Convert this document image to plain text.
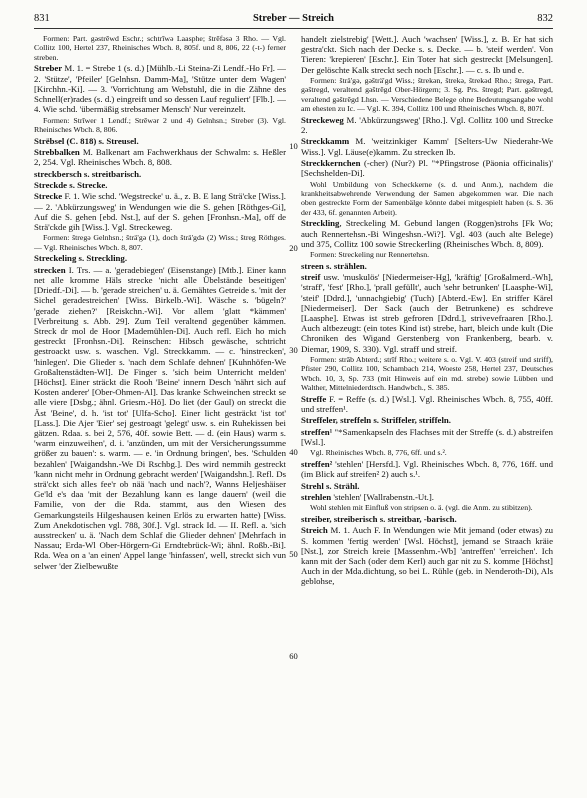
831	Streber — Streich	832

Formen: Part. gəstrēwd Eschr.; schtrīwə Laasphe; štrēfəsə 3 Rho. — Vgl. Collitz 100, Hertel 237, Rheinisches Wbch. 8, 805f. und 8, 806, 22 (-t-) ferner streben.

Streber M. 1. = Strebe 1 (s. d.) [Mühlb.-Li Steina-Zi Lendf.-Ho Fr]. — 2. 'Stütze', 'Pfeiler' [Gelnhsn. Damm-Ma], 'Stütze unter dem Wagen' [Kirchhn.-Ki]. — 3. 'Vorrichtung am Webstuhl, die in die Zähne des Schnell(er)rades (s. d.) eingreift und so dessen Lauf reguliert' [Flb.]. — 4. Wie schd. 'übermäßig strebsamer Mensch' Nur vereinzelt.

Formen: Strīwer 1 Lendf.; Strēwər 2 und 4) Gelnhsn.; Streber (3). Vgl. Rheinisches Wbch. 8, 806.

Strëbsel (C. 818) s. Streusel.

Strebbalken M. Balkenart am Fachwerkhaus der Schwalm: s. Heßler 2, 254. Vgl. Rheinisches Wbch. 8, 808.

streckbersch s. streitbarisch.

Streckde s. Strecke.

Strecke F. 1. Wie schd. 'Wegstrecke' u. ä., z. B. E lang Strä'cke [Wiss.]. — 2. 'Abkürzungsweg' in Wendungen wie die S. gehen [Röthges-Gi], Auf die S. gehen [ebd. Nst.], auf der S. gehen [Fronhsn.-Ma], off de Strä'ckde gih [Wiss.]. Vgl. Streckeweg.

Formen: štregə Gelnhsn.; šträ'gə (1), doch šträ'gdə (2) Wiss.; štreg Röthges. — Vgl. Rheinisches Wbch. 8, 807.

Streckeling s. Streckling.

strecken I. Trs. — a. 'geradebiegen' (Eisenstange) [Mtb.]. Einer kann net alle kromme Häls strecke 'nicht alle Übelstände beseitigen' [Driedf.-Di]. — b. 'gerade streichen' u. ä. Gemähtes Getreide s. 'mit der Sichel geradestreichen' [Wiss. Birkelb.-Wi]. Wäsche s. 'bügeln?' 'gerade ziehen?' [Reiskchn.-Wi]. Vor allem 'glatt *kämmen' [Verbreitung s. Abb. 29]. Zum Teil veraltend gegenüber kämmen. Streck dr mol de Hoor [Mademühlen-Di]. Auch refl. Eich ho mich gestreckt [Fronhsn.-Di]. Reinschen: Hibsch gewäsche, schtricht gestroackt usw. s. waschen. Vgl. Streckkamm. — c. 'hinstrecken', 'hinlegen'. Die Glieder s. 'nach dem Schlafe dehnen' [Kuhnhöfen-We Großaltenstädten-Wl]. De Finger s. 'sich beim Unterricht melden' [Höchst]. Einer sträckt die Rooh 'Beine' innern Desch 'nährt sich auf Kosten anderer' [Ober-Ohmen-Al]. Das kranke Schweinchen streckt se alle viere [Dsbg.; ähnl. Griesm.-Hö]. Do liet (der Gaul) on streckt die Äst 'Beine', d. h. 'ist tot' [Ulfa-Scho]. Einer licht gesträckt 'ist tot' [Lass.]. Die Ajer 'Eier' sej gestroagt 'gelegt' usw. s. ein Ruhekissen bei gätzen. Rdaa. s. bei 2, 576, 40f. sowie Bett. — d. (ein Haus) warm s. 'warm einzuweihen', d. i. 'anzünden, um mit der Versicherungssumme größer zu bauen': s. warm. — e. 'in Ordnung bringen', bes. 'Schulden bezahlen' [Waigandshn.-We Di Rschbg.]. Des wird nemmih gestreckt 'kann nicht mehr in Ordnung gebracht werden' [Waigandshn.]. Refl. Ds strä'ckt sich alles fee'r ob nää 'nach und nach'?, Wanns Heljeshäiser Ge'ld e's daa 'mit der Bezahlung kann es lange dauern' (weil die Familie, von der die Rda. stammt, aus den Wiesen des Gemarkungsteils Hilgeshausen keinen Erlös zu erwarten hatte) [Wiss. Zum Anekdotischen vgl. 788, 30f.]. Vgl. strack Id. — II. Refl. a. 'sich ausstrecken' u. ä. 'Nach dem Schlaf die Glieder dehnen' [Mehrfach in Nassau; Erda-Wl Ober-Hörgern-Gi Erndtebrück-Wi; ähnl. Roßb.-Bi]. Rda. Wea on a 'an einen' Appel lange 'hinfassen', well, streckt sich vun selwer 'der Zielbewußte

10
20
30
40
50
60

handelt zielstrebig' [Wett.]. Auch 'wachsen' [Wiss.], z. B. Er hat sich gestra'ckt. Sich nach der Decke s. s. Decke. — b. 'steif werden'. Von Tieren: 'krepieren' [Eschr.]. Ein Toter hat sich gestreckt [Melsungen]. Der gelöschte Kalk streckt sech noch [Eschr.]. — c. s. Ib und e.

Formen: šträ'gə, gəšträ'gd Wiss.; štrekən, štrekə, štrekəd Rho.; štregə, Part. gəštregd, veraltend gəštrēgd Ober-Hörgern; 3. Sg. Prs. štregd; Part. gəštregd, veraltend gəštrēgd Lhsn. — Verschiedene Belege ohne Bedeutungsangabe wohl am ehesten zu Ic. — Vgl. K. 394, Collitz 100 und Rheinisches Wbch. 8, 807f.

Streckeweg M. 'Abkürzungsweg' [Rho.]. Vgl. Collitz 100 und Strecke 2.

Streckkamm M. 'weitzinkiger Kamm' [Selters-Uw Niederahr-We Wiss.]. Vgl. Läuse(e)kamm. Zu strecken Ib.

Streckkernchen (-cher) (Nur?) Pl. "*Pfingstrose (Päonia officinalis)' [Sechshelden-Di].

Wohl Umbildung von Scheckkerne (s. d. und Anm.), nachdem die krankheitsabwehrende Verwendung der Samen abgekommen war. Die nach oben gestreckte Form der Samenbälge könnte dabei mitgespielt haben (s. S. 36 der 433, 6f. genannten Arbeit).

Streckling, Streckeling M. Gebund langen (Roggen)strohs [Fk Wo; auch Rennertehsn.-Bi Wingeshsn.-Wi?]. Vgl. 403 (auch alte Belege) und 375, Collitz 100 sowie Streckerling (Rheinisches Wbch. 8, 809).

Formen: Streckeling nur Rennertehsn.

streen s. strählen.

streif usw. 'muskulös' [Niedermeiser-Hg], 'kräftig' [Großalmerd.-Wh], 'straff', 'fest' [Rho.], 'prall gefüllt', auch 'sehr betrunken' [Laasphe-Wi], 'steif' [Ddrd.], 'unnachgiebig' (Tuch) [Abterd.-Ew]. En striffer Kärel [Niedermeiser]. Der Sack (auch der Betrunkene) es schdreve [Laasphe]. Etwas ist streb gefroren [Ddrd.], strivevefraaren [Rho.]. Auch altbezeugt: (ein totes Kind ist) strebe, hart, bleich unde kult (Die Chroniken des Wigand Gerstenberg von Frankenberg, bearb. v. Diemar, 1909, S. 330). Vgl. straff und streif.

Formen: strāb Abterd.; strīf Rho.; weitere s. o. Vgl. V. 403 (streif und striff), Pfister 290, Collitz 100, Schambach 214, Woeste 258, Hertel 237, Deutsches Wbch. 10, 3, Sp. 733 (mit Hinweis auf ein md. strebe) sowie Lübben und Walther, Mittelniederdtsch. Handwbch., S. 385.

Streffe F. = Reffe (s. d.) [Wsl.]. Vgl. Rheinisches Wbch. 8, 755, 40ff. und streffen¹.

Streffeler, streffeln s. Striffeler, striffeln.

streffen¹ "*Samenkapseln des Flachses mit der Streffe (s. d.) abstreifen [Wsl.].

Vgl. Rheinisches Wbch. 8, 776, 6ff. und s.².

streffen² 'stehlen' [Hersfd.]. Vgl. Rheinisches Wbch. 8, 776, 16ff. und (im Blick auf streifen² 2) auch s.¹.

Strehl s. Strähl.

strehlen 'stehlen' [Wallrabenstn.-Ut.].

Wohl stehlen mit Einfluß von stripsen o. ä. (vgl. die Anm. zu stibitzen).

streiber, streiberisch s. streitbar, -barisch.

Streich M. 1. Auch F. In Wendungen wie Mit jemand (oder etwas) zu S. kommen 'fertig werden' [Wsl. Höchst], jemand se Straach kräie [Nst.], zor Streich kreie [Massenhm.-Wb] 'antreffen' 'erreichen'. Ich kann mit der Sach (oder dem Kerl) auch gar nit zu S. komme [Höchst] Auch in der Mda.dichtung, so bei L. Rühle (geb. in Nenderoth-Di), Als geblohse,
